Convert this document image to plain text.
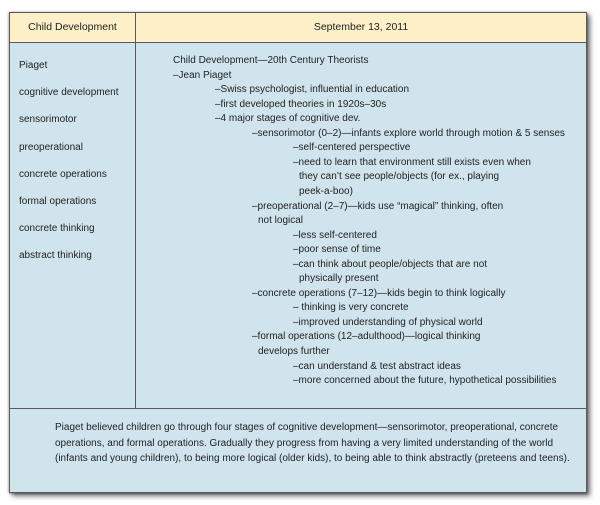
Child Development	September 13, 2011
Piaget
cognitive development
sensorimotor
preoperational
concrete operations
formal operations
concrete thinking
abstract thinking
Child Development—20th Century Theorists
–Jean Piaget
–Swiss psychologist, influential in education
–first developed theories in 1920s–30s
–4 major stages of cognitive dev.
–sensorimotor (0–2)—infants explore world through motion & 5 senses
–self-centered perspective
–need to learn that environment still exists even when
they can’t see people/objects (for ex., playing
peek-a-boo)
–preoperational (2–7)—kids use “magical” thinking, often
not logical
–less self-centered
–poor sense of time
–can think about people/objects that are not
physically present
–concrete operations (7–12)—kids begin to think logically
– thinking is very concrete
–improved understanding of physical world
–formal operations (12–adulthood)—logical thinking
develops further
–can understand & test abstract ideas
–more concerned about the future, hypothetical possibilities
Piaget believed children go through four stages of cognitive development—sensorimotor, preoperational, concrete operations, and formal operations. Gradually they progress from having a very limited understanding of the world (infants and young children), to being more logical (older kids), to being able to think abstractly (preteens and teens).
